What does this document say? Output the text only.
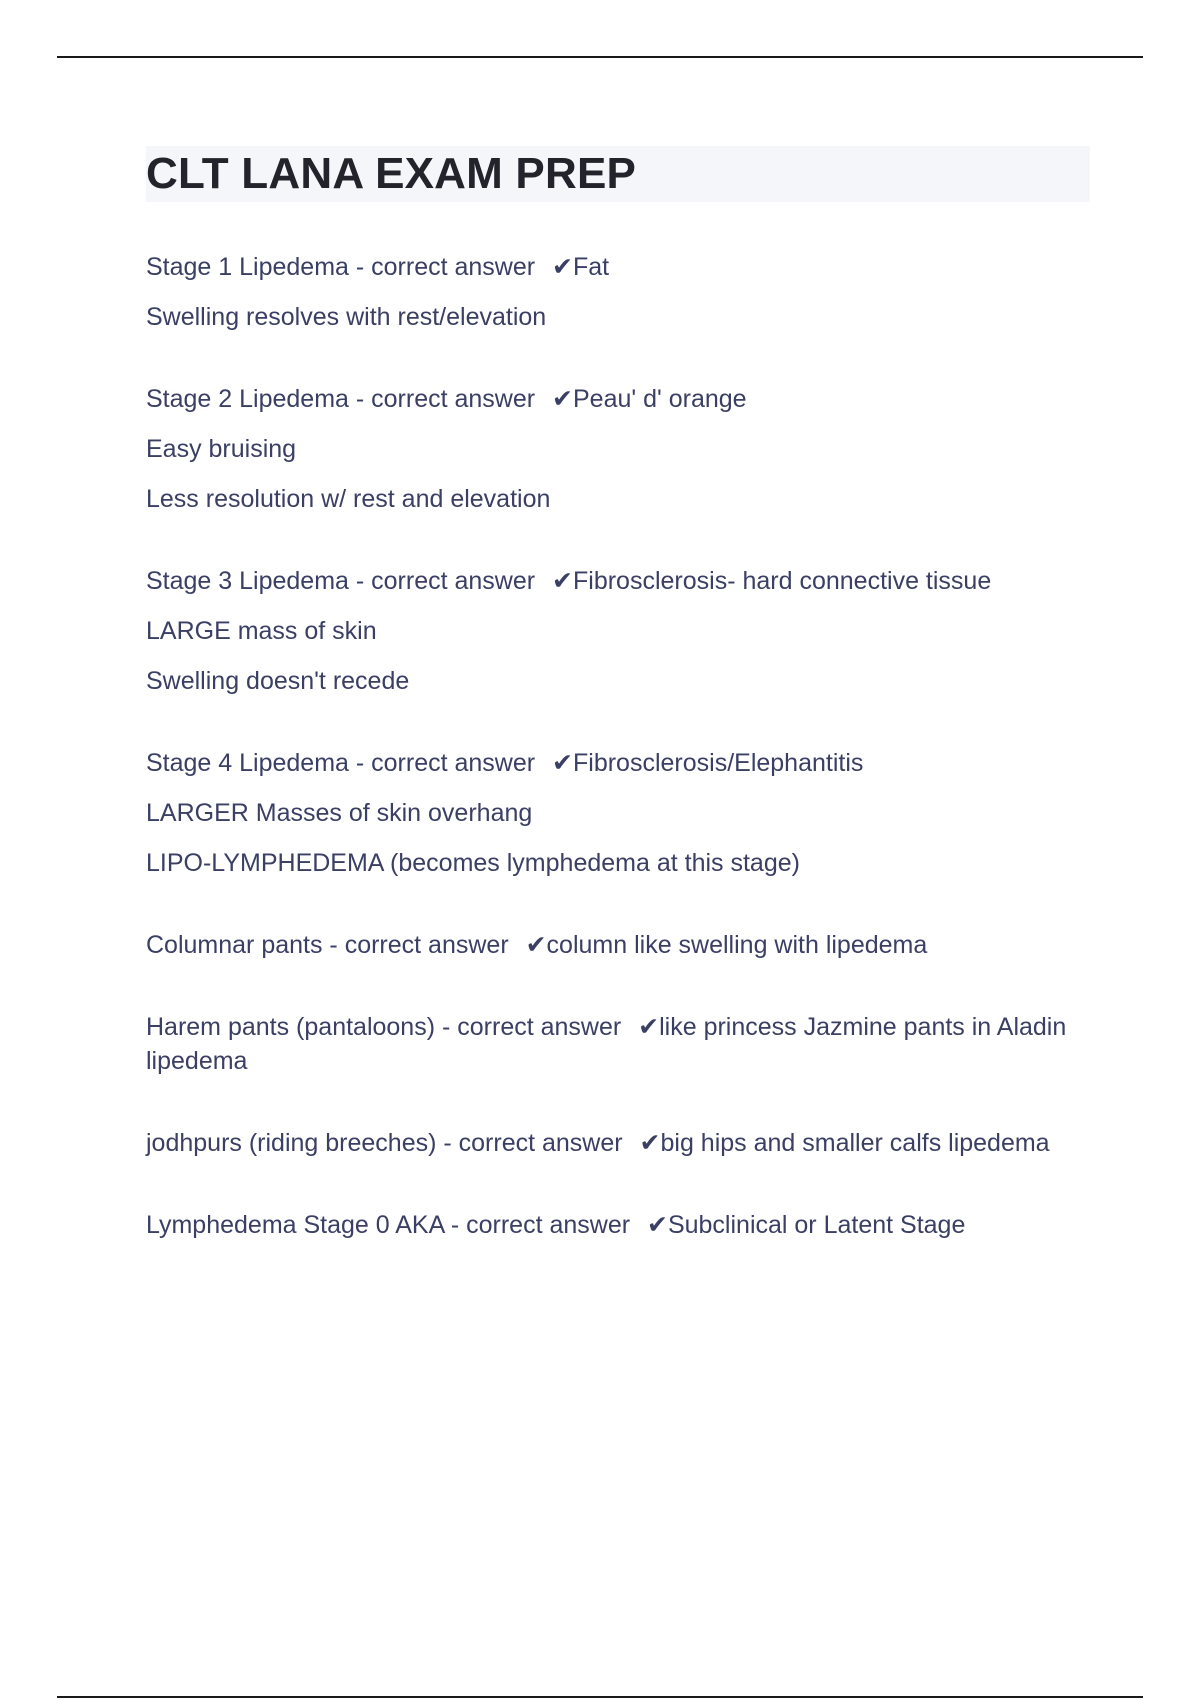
CLT LANA EXAM PREP
Stage 1 Lipedema - correct answer ✔Fat
Swelling resolves with rest/elevation
Stage 2 Lipedema - correct answer ✔Peau' d' orange
Easy bruising
Less resolution w/ rest and elevation
Stage 3 Lipedema - correct answer ✔Fibrosclerosis- hard connective tissue
LARGE mass of skin
Swelling doesn't recede
Stage 4 Lipedema - correct answer ✔Fibrosclerosis/Elephantitis
LARGER Masses of skin overhang
LIPO-LYMPHEDEMA (becomes lymphedema at this stage)
Columnar pants - correct answer ✔column like swelling with lipedema
Harem pants (pantaloons) - correct answer ✔like princess Jazmine pants in Aladin lipedema
jodhpurs (riding breeches) - correct answer ✔big hips and smaller calfs lipedema
Lymphedema Stage 0 AKA - correct answer ✔Subclinical or Latent Stage
